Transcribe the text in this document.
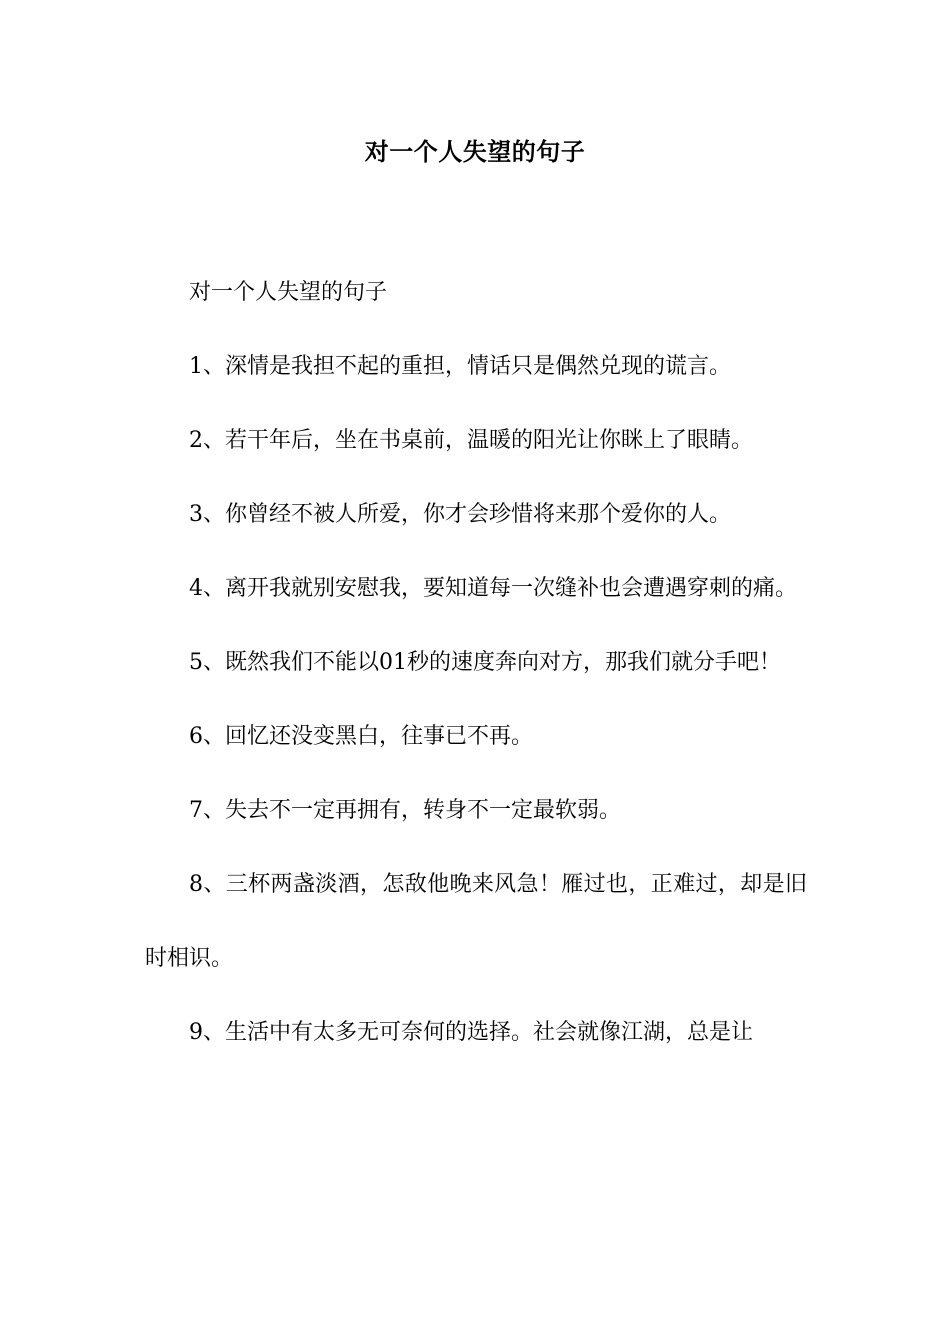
对一个人失望的句子

对一个人失望的句子

1、深情是我担不起的重担，情话只是偶然兑现的谎言。

2、若干年后，坐在书桌前，温暖的阳光让你眯上了眼睛。

3、你曾经不被人所爱，你才会珍惜将来那个爱你的人。

4、离开我就别安慰我，要知道每一次缝补也会遭遇穿刺的痛。

5、既然我们不能以01秒的速度奔向对方，那我们就分手吧！

6、回忆还没变黑白，往事已不再。

7、失去不一定再拥有，转身不一定最软弱。

8、三杯两盏淡酒，怎敌他晚来风急！雁过也，正难过，却是旧时相识。

9、生活中有太多无可奈何的选择。社会就像江湖，总是让
